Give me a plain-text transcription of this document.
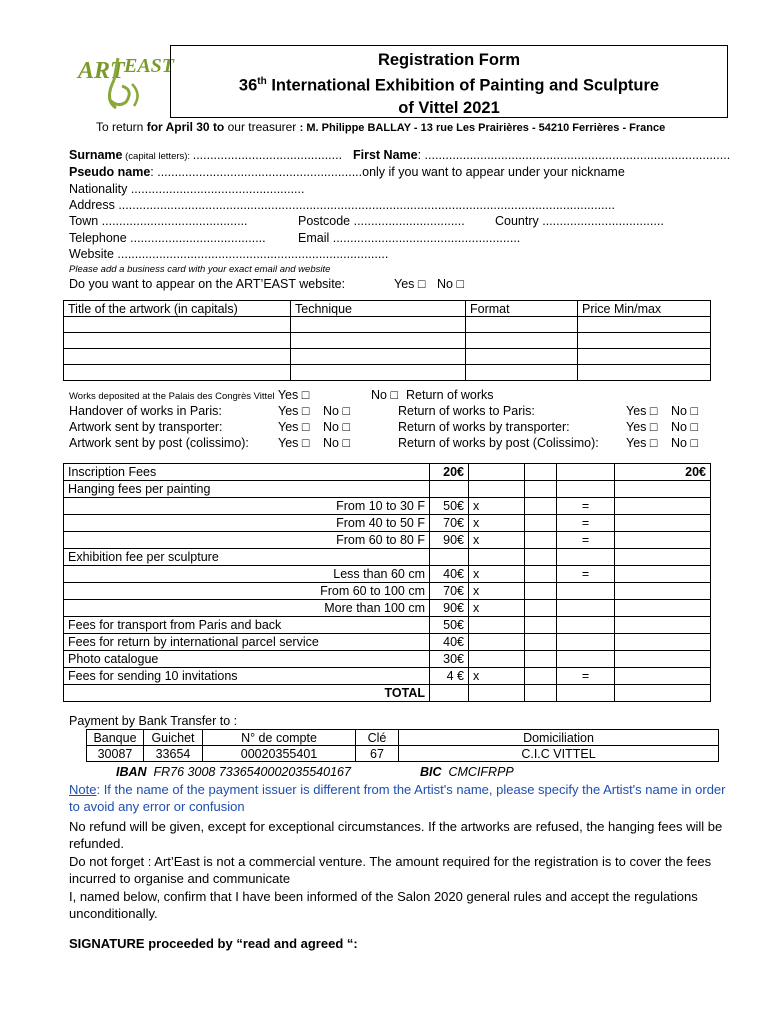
ART EAST	Registration Form
36th International Exhibition of Painting and Sculpture
of Vittel 2021
To return for April 30 to our treasurer : M. Philippe BALLAY - 13 rue Les Prairières - 54210 Ferrières - France
Surname (capital letters): ........................................... First Name: ........................................................................................
Pseudo name: ...........................................................only if you want to appear under your nickname
Nationality ..................................................
Address ...............................................................................................................................................
Town ..........................................	Postcode ................................ Country ...................................
Telephone .......................................	Email ......................................................
Website ..............................................................................
Please add a business card with your exact email and website
Do you want to appear on the ART’EAST website:	Yes □ No □
Title of the artwork (in capitals)	Technique	Format	Price Min/max

Works deposited at the Palais des Congrès Vittel Yes □	No □ Return of works
Handover of works in Paris:	Yes □ No □
Artwork sent by transporter:	Yes □ No □
Artwork sent by post (colissimo): Yes □ No □
Return of works to Paris:	Yes □ No □
Return of works by transporter:	Yes □ No □
Return of works by post (Colissimo): Yes □ No □
Inscription Fees	20€				20€
Hanging fees per painting					
From 10 to 30 F	50€	x		=	
From 40 to 50 F	70€	x		=	
From 60 to 80 F	90€	x		=	
Exhibition fee per sculpture					
Less than 60 cm	40€	x		=	
From 60 to 100 cm	70€	x			
More than 100 cm	90€	x			
Fees for transport from Paris and back	50€				
Fees for return by international parcel service	40€				
Photo catalogue	30€				
Fees for sending 10 invitations	4 €	x		=	
TOTAL					
Payment by Bank Transfer to :
Banque	Guichet	N° de compte	Clé	Domiciliation
30087	33654	00020355401	67	C.I.C VITTEL
IBAN FR76 3008 7336540002035540167	BIC CMCIFRPP
Note: If the name of the payment issuer is different from the Artist's name, please specify the Artist's name in order to avoid any error or confusion
No refund will be given, except for exceptional circumstances. If the artworks are refused, the hanging fees will be refunded.
Do not forget : Art’East is not a commercial venture. The amount required for the registration is to cover the fees incurred to organise and communicate
I, named below, confirm that I have been informed of the Salon 2020 general rules and accept the regulations unconditionally.
SIGNATURE proceeded by “read and agreed “:
